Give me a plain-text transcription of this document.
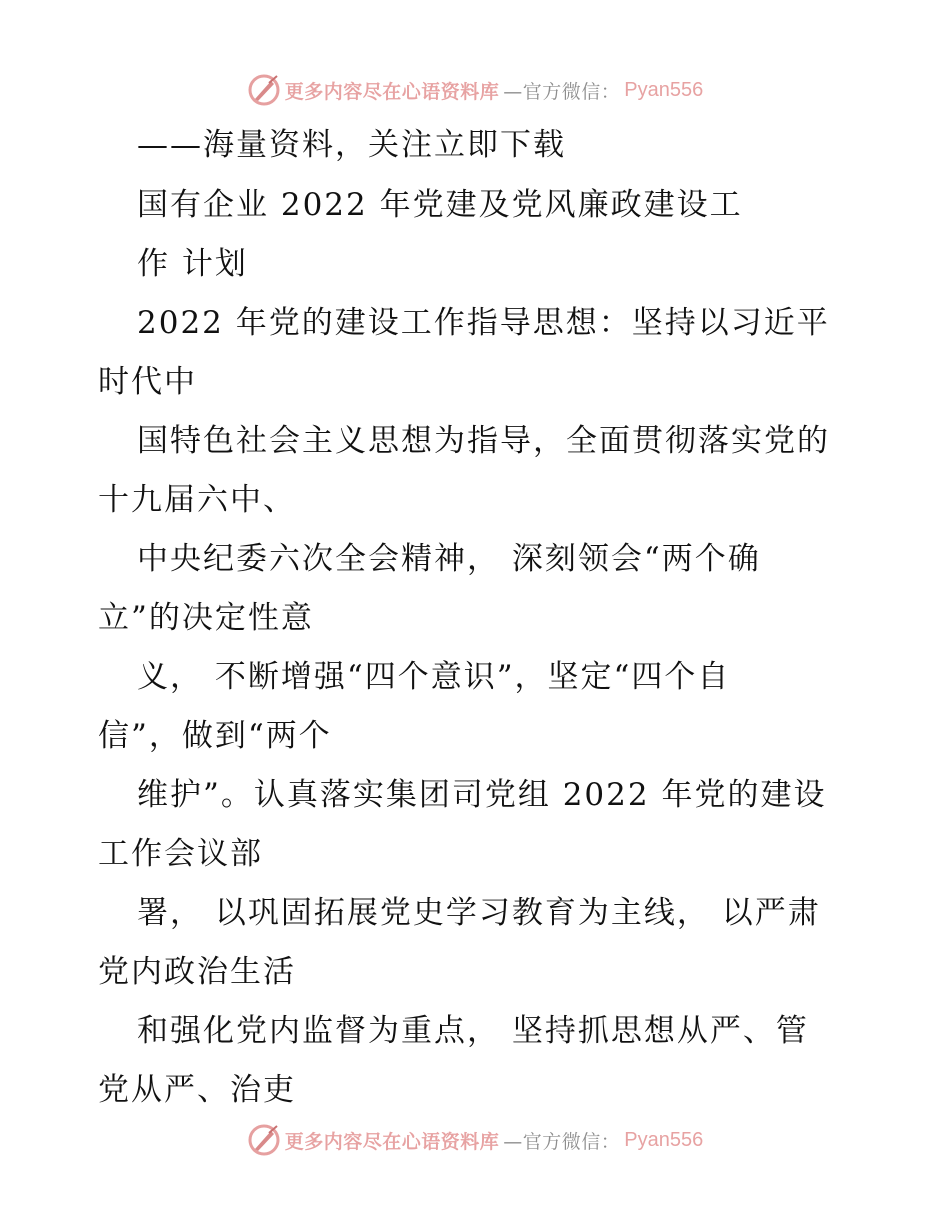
更多内容尽在心语资料库 —官方微信： Pyan556
——海量资料，关注立即下载
国有企业 2022 年党建及党风廉政建设工
作 计划
2022 年党的建设工作指导思想：坚持以习近平
时代中
国特色社会主义思想为指导，全面贯彻落实党的
十九届六中、
中央纪委六次全会精神， 深刻领会“两个确
立”的决定性意
义， 不断增强“四个意识”，坚定“四个自
信”，做到“两个
维护”。认真落实集团司党组 2022 年党的建设
工作会议部
署， 以巩固拓展党史学习教育为主线， 以严肃
党内政治生活
和强化党内监督为重点， 坚持抓思想从严、管
党从严、治吏
更多内容尽在心语资料库 —官方微信： Pyan556
